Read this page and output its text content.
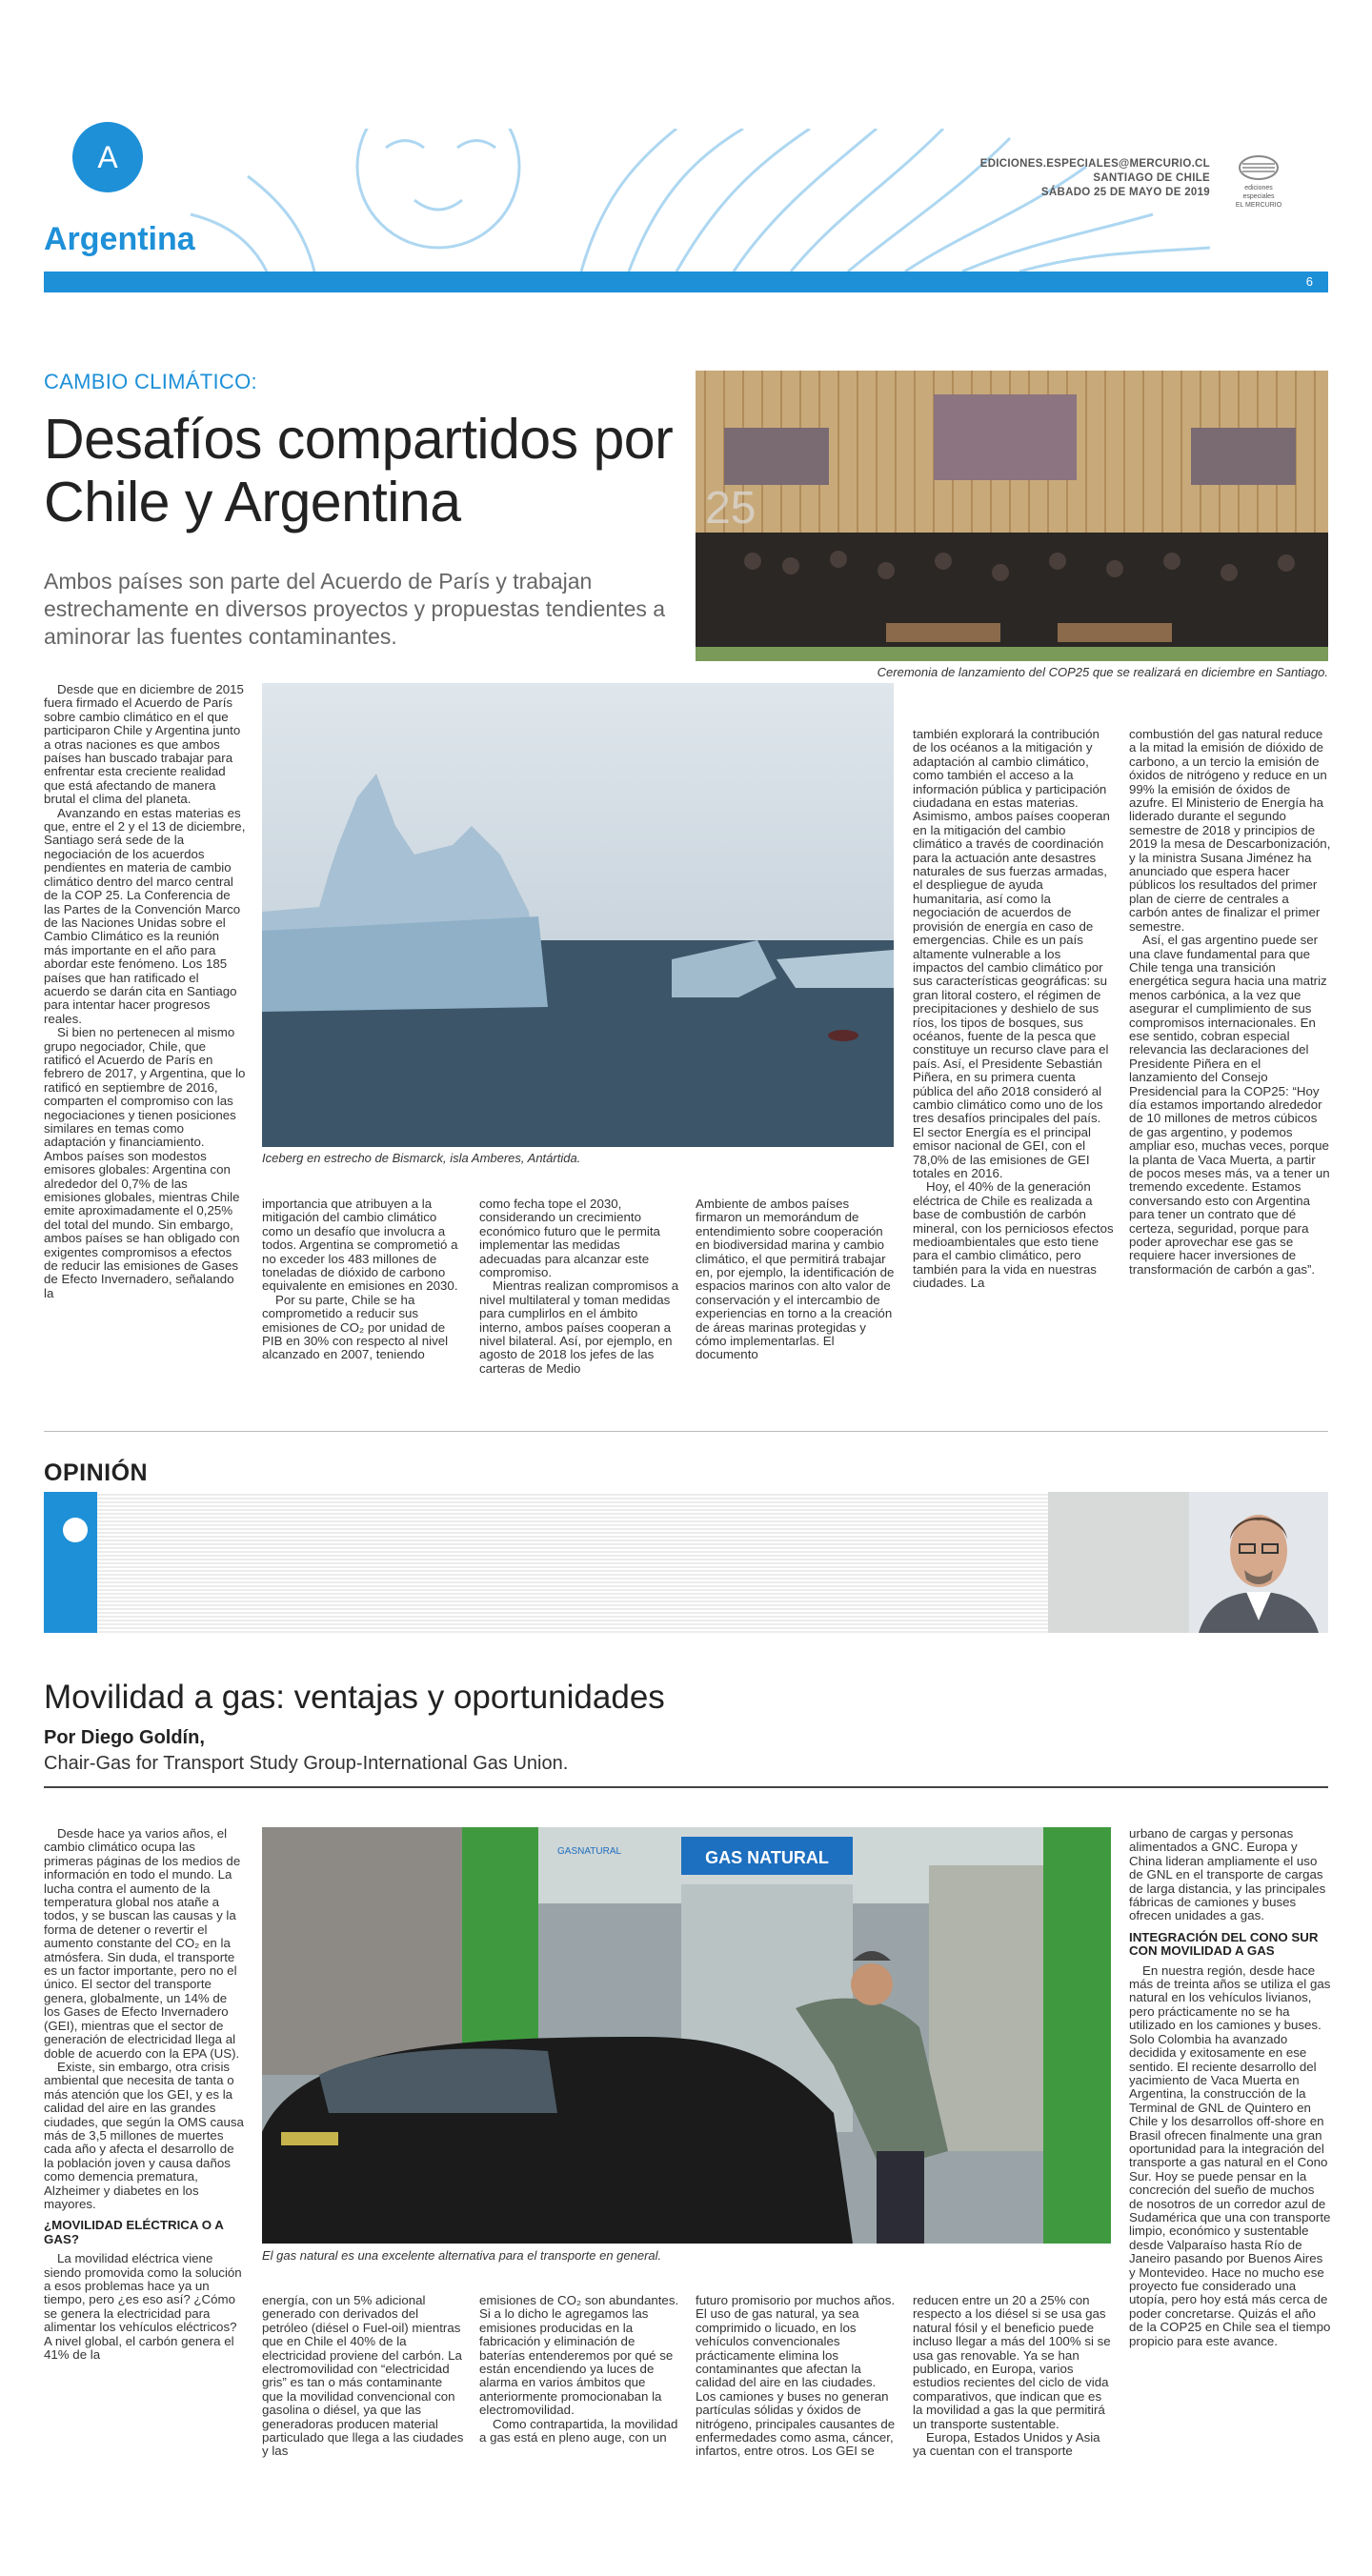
A
Argentina
EDICIONES.ESPECIALES@MERCURIO.CL
SANTIAGO DE CHILE
SÁBADO 25 DE MAYO DE 2019	ediciones especiales
EL MERCURIO
6
CAMBIO CLIMÁTICO:
Desafíos compartidos por Chile y Argentina
Ambos países son parte del Acuerdo de París y trabajan estrechamente en diversos proyectos y propuestas tendientes a aminorar las fuentes contaminantes.
25
Ceremonia de lanzamiento del COP25 que se realizará en diciembre en Santiago.
Iceberg en estrecho de Bismarck, isla Amberes, Antártida.

Desde que en diciembre de 2015 fuera firmado el Acuerdo de París sobre cambio climático en el que participaron Chile y Argentina junto a otras naciones es que ambos países han buscado trabajar para enfrentar esta creciente realidad que está afectando de manera brutal el clima del planeta.

Avanzando en estas materias es que, entre el 2 y el 13 de diciembre, Santiago será sede de la negociación de los acuerdos pendientes en materia de cambio climático dentro del marco central de la COP 25. La Conferencia de las Partes de la Convención Marco de las Naciones Unidas sobre el Cambio Climático es la reunión más importante en el año para abordar este fenómeno. Los 185 países que han ratificado el acuerdo se darán cita en Santiago para intentar hacer progresos reales.

Si bien no pertenecen al mismo grupo negociador, Chile, que ratificó el Acuerdo de París en febrero de 2017, y Argentina, que lo ratificó en septiembre de 2016, comparten el compromiso con las negociaciones y tienen posiciones similares en temas como adaptación y financiamiento. Ambos países son modestos emisores globales: Argentina con alrededor del 0,7% de las emisiones globales, mientras Chile emite aproximadamente el 0,25% del total del mundo. Sin embargo, ambos países se han obligado con exigentes compromisos a efectos de reducir las emisiones de Gases de Efecto Invernadero, señalando la

importancia que atribuyen a la mitigación del cambio climático como un desafío que involucra a todos. Argentina se comprometió a no exceder los 483 millones de toneladas de dióxido de carbono equivalente en emisiones en 2030.

Por su parte, Chile se ha comprometido a reducir sus emisiones de CO₂ por unidad de PIB en 30% con respecto al nivel alcanzado en 2007, teniendo

como fecha tope el 2030, considerando un crecimiento económico futuro que le permita implementar las medidas adecuadas para alcanzar este compromiso.

Mientras realizan compromisos a nivel multilateral y toman medidas para cumplirlos en el ámbito interno, ambos países cooperan a nivel bilateral. Así, por ejemplo, en agosto de 2018 los jefes de las carteras de Medio

Ambiente de ambos países firmaron un memorándum de entendimiento sobre cooperación en biodiversidad marina y cambio climático, el que permitirá trabajar en, por ejemplo, la identificación de espacios marinos con alto valor de conservación y el intercambio de experiencias en torno a la creación de áreas marinas protegidas y cómo implementarlas. El documento

también explorará la contribución de los océanos a la mitigación y adaptación al cambio climático, como también el acceso a la información pública y participación ciudadana en estas materias. Asimismo, ambos países cooperan en la mitigación del cambio climático a través de coordinación para la actuación ante desastres naturales de sus fuerzas armadas, el despliegue de ayuda humanitaria, así como la negociación de acuerdos de provisión de energía en caso de emergencias. Chile es un país altamente vulnerable a los impactos del cambio climático por sus características geográficas: su gran litoral costero, el régimen de precipitaciones y deshielo de sus ríos, los tipos de bosques, sus océanos, fuente de la pesca que constituye un recurso clave para el país. Así, el Presidente Sebastián Piñera, en su primera cuenta pública del año 2018 consideró al cambio climático como uno de los tres desafíos principales del país. El sector Energía es el principal emisor nacional de GEI, con el 78,0% de las emisiones de GEI totales en 2016.

Hoy, el 40% de la generación eléctrica de Chile es realizada a base de combustión de carbón mineral, con los perniciosos efectos medioambientales que esto tiene para el cambio climático, pero también para la vida en nuestras ciudades. La

combustión del gas natural reduce a la mitad la emisión de dióxido de carbono, a un tercio la emisión de óxidos de nitrógeno y reduce en un 99% la emisión de óxidos de azufre. El Ministerio de Energía ha liderado durante el segundo semestre de 2018 y principios de 2019 la mesa de Descarbonización, y la ministra Susana Jiménez ha anunciado que espera hacer públicos los resultados del primer plan de cierre de centrales a carbón antes de finalizar el primer semestre.

Así, el gas argentino puede ser una clave fundamental para que Chile tenga una transición energética segura hacia una matriz menos carbónica, a la vez que asegurar el cumplimiento de sus compromisos internacionales. En ese sentido, cobran especial relevancia las declaraciones del Presidente Piñera en el lanzamiento del Consejo Presidencial para la COP25: “Hoy día estamos importando alrededor de 10 millones de metros cúbicos de gas argentino, y podemos ampliar eso, muchas veces, porque la planta de Vaca Muerta, a partir de pocos meses más, va a tener un tremendo excedente. Estamos conversando esto con Argentina para tener un contrato que dé certeza, seguridad, porque para poder aprovechar ese gas se requiere hacer inversiones de transformación de carbón a gas”.

OPINIÓN
Movilidad a gas: ventajas y oportunidades
Por Diego Goldín,
Chair-Gas for Transport Study Group-International Gas Union.
GAS NATURAL
GASNATURAL
El gas natural es una excelente alternativa para el transporte en general.

Desde hace ya varios años, el cambio climático ocupa las primeras páginas de los medios de información en todo el mundo. La lucha contra el aumento de la temperatura global nos atañe a todos, y se buscan las causas y la forma de detener o revertir el aumento constante del CO₂ en la atmósfera. Sin duda, el transporte es un factor importante, pero no el único. El sector del transporte genera, globalmente, un 14% de los Gases de Efecto Invernadero (GEI), mientras que el sector de generación de electricidad llega al doble de acuerdo con la EPA (US).

Existe, sin embargo, otra crisis ambiental que necesita de tanta o más atención que los GEI, y es la calidad del aire en las grandes ciudades, que según la OMS causa más de 3,5 millones de muertes cada año y afecta el desarrollo de la población joven y causa daños como demencia prematura, Alzheimer y diabetes en los mayores.

¿MOVILIDAD ELÉCTRICA O A GAS?

La movilidad eléctrica viene siendo promovida como la solución a esos problemas hace ya un tiempo, pero ¿es eso así? ¿Cómo se genera la electricidad para alimentar los vehículos eléctricos? A nivel global, el carbón genera el 41% de la

energía, con un 5% adicional generado con derivados del petróleo (diésel o Fuel-oil) mientras que en Chile el 40% de la electricidad proviene del carbón. La electromovilidad con “electricidad gris” es tan o más contaminante que la movilidad convencional con gasolina o diésel, ya que las generadoras producen material particulado que llega a las ciudades y las

emisiones de CO₂ son abundantes. Si a lo dicho le agregamos las emisiones producidas en la fabricación y eliminación de baterías entenderemos por qué se están encendiendo ya luces de alarma en varios ámbitos que anteriormente promocionaban la electromovilidad.

Como contrapartida, la movilidad a gas está en pleno auge, con un

futuro promisorio por muchos años. El uso de gas natural, ya sea comprimido o licuado, en los vehículos convencionales prácticamente elimina los contaminantes que afectan la calidad del aire en las ciudades. Los camiones y buses no generan partículas sólidas y óxidos de nitrógeno, principales causantes de enfermedades como asma, cáncer, infartos, entre otros. Los GEI se

reducen entre un 20 a 25% con respecto a los diésel si se usa gas natural fósil y el beneficio puede incluso llegar a más del 100% si se usa gas renovable. Ya se han publicado, en Europa, varios estudios recientes del ciclo de vida comparativos, que indican que es la movilidad a gas la que permitirá un transporte sustentable.

Europa, Estados Unidos y Asia ya cuentan con el transporte

urbano de cargas y personas alimentados a GNC. Europa y China lideran ampliamente el uso de GNL en el transporte de cargas de larga distancia, y las principales fábricas de camiones y buses ofrecen unidades a gas.

INTEGRACIÓN DEL CONO SUR CON MOVILIDAD A GAS

En nuestra región, desde hace más de treinta años se utiliza el gas natural en los vehículos livianos, pero prácticamente no se ha utilizado en los camiones y buses. Solo Colombia ha avanzado decidida y exitosamente en ese sentido. El reciente desarrollo del yacimiento de Vaca Muerta en Argentina, la construcción de la Terminal de GNL de Quintero en Chile y los desarrollos off-shore en Brasil ofrecen finalmente una gran oportunidad para la integración del transporte a gas natural en el Cono Sur. Hoy se puede pensar en la concreción del sueño de muchos de nosotros de un corredor azul de Sudamérica que una con transporte limpio, económico y sustentable desde Valparaíso hasta Río de Janeiro pasando por Buenos Aires y Montevideo. Hace no mucho ese proyecto fue considerado una utopía, pero hoy está más cerca de poder concretarse. Quizás el año de la COP25 en Chile sea el tiempo propicio para este avance.
